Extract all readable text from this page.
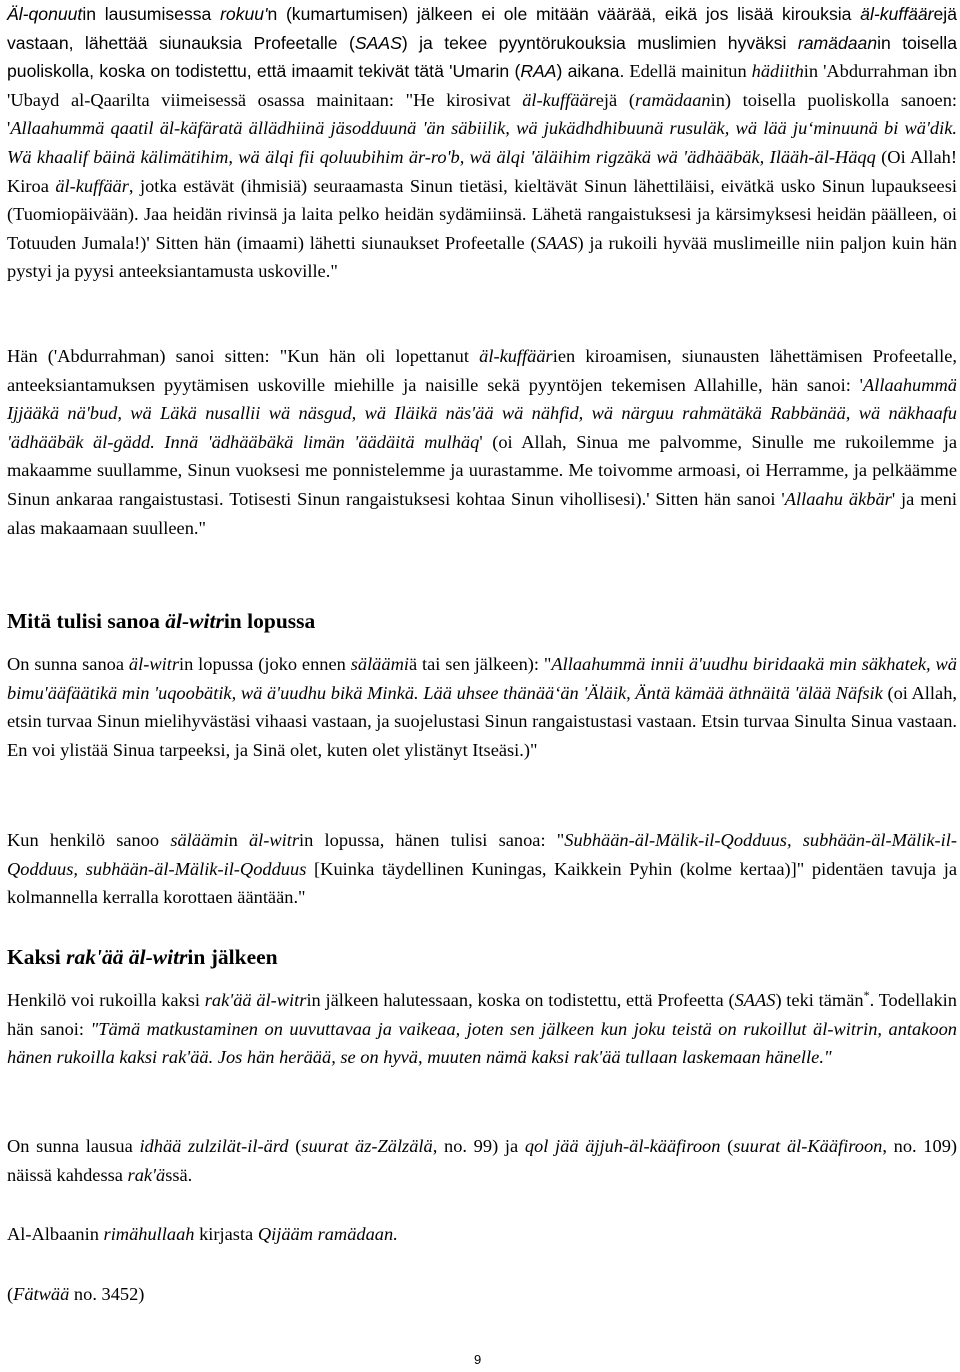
Äl-qonuutin lausumisessa rokuu'n (kumartumisen) jälkeen ei ole mitään väärää, eikä jos lisää kirouksia äl-kuffäärejä vastaan, lähettää siunauksia Profeetalle (SAAS) ja tekee pyyntörukouksia muslimien hyväksi ramädaanin toisella puoliskolla, koska on todistettu, että imaamit tekivät tätä 'Umarin (RAA) aikana. Edellä mainitun hädiithin 'Abdurrahman ibn 'Ubayd al-Qaarilta viimeisessä osassa mainitaan: "He kirosivat äl-kuffäärejä (ramädaanin) toisella puoliskolla sanoen: 'Allaahummä qaatil äl-käfäratä ällädhiinä jäsodduunä 'än säbiilik, wä jukädhdhibuunä rusuläk, wä lää ju‘minuunä bi wä'dik. Wä khaalif bäinä kälimätihim, wä älqi fii qoluubihim är-ro'b, wä älqi 'äläihim rigzäkä wä 'ädhääbäk, Ilääh-äl-Häqq (Oi Allah! Kiroa äl-kuffäär, jotka estävät (ihmisiä) seuraamasta Sinun tietäsi, kieltävät Sinun lähettiläisi, eivätkä usko Sinun lupaukseesi (Tuomiopäivään). Jaa heidän rivinsä ja laita pelko heidän sydämiinsä. Lähetä rangaistuksesi ja kärsimyksesi heidän päälleen, oi Totuuden Jumala!)' Sitten hän (imaami) lähetti siunaukset Profeetalle (SAAS) ja rukoili hyvää muslimeille niin paljon kuin hän pystyi ja pyysi anteeksiantamusta uskoville."

Hän ('Abdurrahman) sanoi sitten: "Kun hän oli lopettanut äl-kuffäärien kiroamisen, siunausten lähettämisen Profeetalle, anteeksiantamuksen pyytämisen uskoville miehille ja naisille sekä pyyntöjen tekemisen Allahille, hän sanoi: 'Allaahummä Ijjääkä nä'bud, wä Läkä nusallii wä näsgud, wä Iläikä näs'ää wä nähfid, wä närguu rahmätäkä Rabbänää, wä näkhaafu 'ädhääbäk äl-gädd. Innä 'ädhääbäkä limän 'äädäitä mulhäq' (oi Allah, Sinua me palvomme, Sinulle me rukoilemme ja makaamme suullamme, Sinun vuoksesi me ponnistelemme ja uurastamme. Me toivomme armoasi, oi Herramme, ja pelkäämme Sinun ankaraa rangaistustasi. Totisesti Sinun rangaistuksesi kohtaa Sinun vihollisesi).' Sitten hän sanoi 'Allaahu äkbär' ja meni alas makaamaan suulleen."

Mitä tulisi sanoa äl-witrin lopussa

On sunna sanoa äl-witrin lopussa (joko ennen säläämiä tai sen jälkeen): "Allaahummä innii ä'uudhu biridaakä min säkhatek, wä bimu'ääfäätikä min 'uqoobätik, wä ä'uudhu bikä Minkä. Lää uhsee thänää‘än 'Äläik, Äntä kämää äthnäitä 'älää Näfsik (oi Allah, etsin turvaa Sinun mielihyvästäsi vihaasi vastaan, ja suojelustasi Sinun rangaistustasi vastaan. Etsin turvaa Sinulta Sinua vastaan. En voi ylistää Sinua tarpeeksi, ja Sinä olet, kuten olet ylistänyt Itseäsi.)"

Kun henkilö sanoo säläämin äl-witrin lopussa, hänen tulisi sanoa: "Subhään-äl-Mälik-il-Qodduus, subhään-äl-Mälik-il-Qodduus, subhään-äl-Mälik-il-Qodduus [Kuinka täydellinen Kuningas, Kaikkein Pyhin (kolme kertaa)]" pidentäen tavuja ja kolmannella kerralla korottaen ääntään."

Kaksi rak'ää äl-witrin jälkeen

Henkilö voi rukoilla kaksi rak'ää äl-witrin jälkeen halutessaan, koska on todistettu, että Profeetta (SAAS) teki tämän*. Todellakin hän sanoi: "Tämä matkustaminen on uuvuttavaa ja vaikeaa, joten sen jälkeen kun joku teistä on rukoillut äl-witrin, antakoon hänen rukoilla kaksi rak'ää. Jos hän heräää, se on hyvä, muuten nämä kaksi rak'ää tullaan laskemaan hänelle."

On sunna lausua idhää zulzilät-il-ärd (suurat äz-Zälzälä, no. 99) ja qol jää äjjuh-äl-kääfiroon (suurat äl-Kääfiroon, no. 109) näissä kahdessa rak'ässä.

Al-Albaanin rimähullaah kirjasta Qijääm ramädaan.

(Fätwää no. 3452)

9
